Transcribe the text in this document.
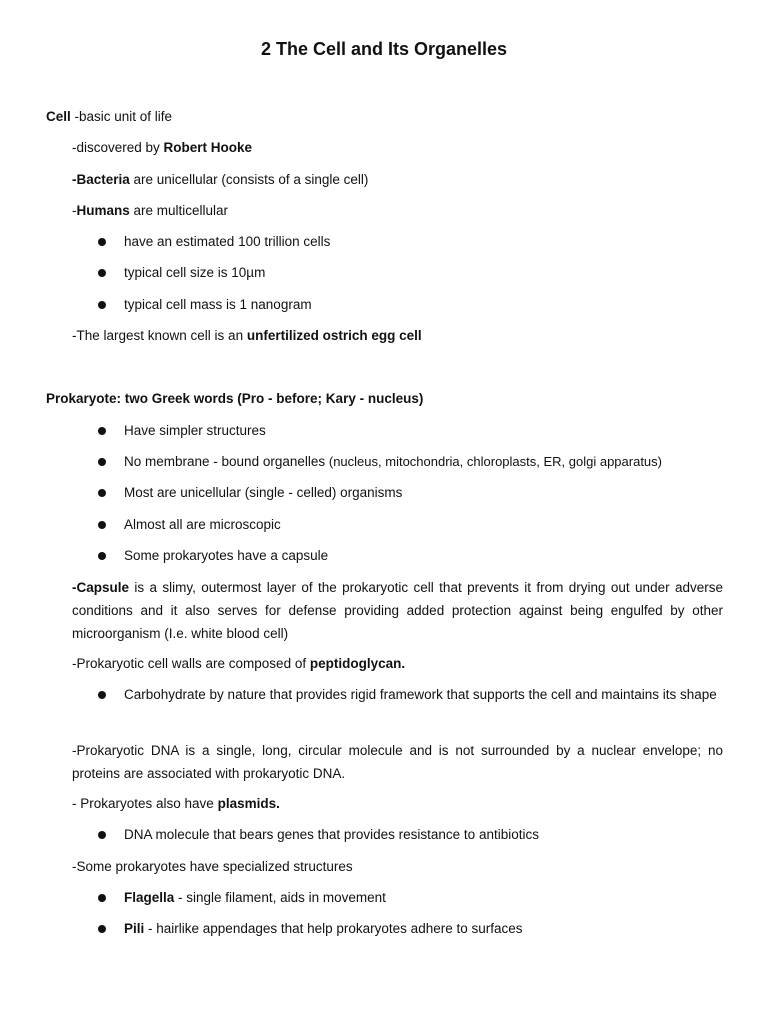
2 The Cell and Its Organelles
Cell -basic unit of life
-discovered by Robert Hooke
-Bacteria are unicellular (consists of a single cell)
-Humans are multicellular
have an estimated 100 trillion cells
typical cell size is 10µm
typical cell mass is 1 nanogram
-The largest known cell is an unfertilized ostrich egg cell
Prokaryote: two Greek words (Pro - before; Kary - nucleus)
Have simpler structures
No membrane - bound organelles (nucleus, mitochondria, chloroplasts, ER, golgi apparatus)
Most are unicellular (single - celled) organisms
Almost all are microscopic
Some prokaryotes have a capsule
-Capsule is a slimy, outermost layer of the prokaryotic cell that prevents it from drying out under adverse conditions and it also serves for defense providing added protection against being engulfed by other microorganism (I.e. white blood cell)
-Prokaryotic cell walls are composed of peptidoglycan.
Carbohydrate by nature that provides rigid framework that supports the cell and maintains its shape
-Prokaryotic DNA is a single, long, circular molecule and is not surrounded by a nuclear envelope; no proteins are associated with prokaryotic DNA.
- Prokaryotes also have plasmids.
DNA molecule that bears genes that provides resistance to antibiotics
-Some prokaryotes have specialized structures
Flagella - single filament, aids in movement
Pili - hairlike appendages that help prokaryotes adhere to surfaces
